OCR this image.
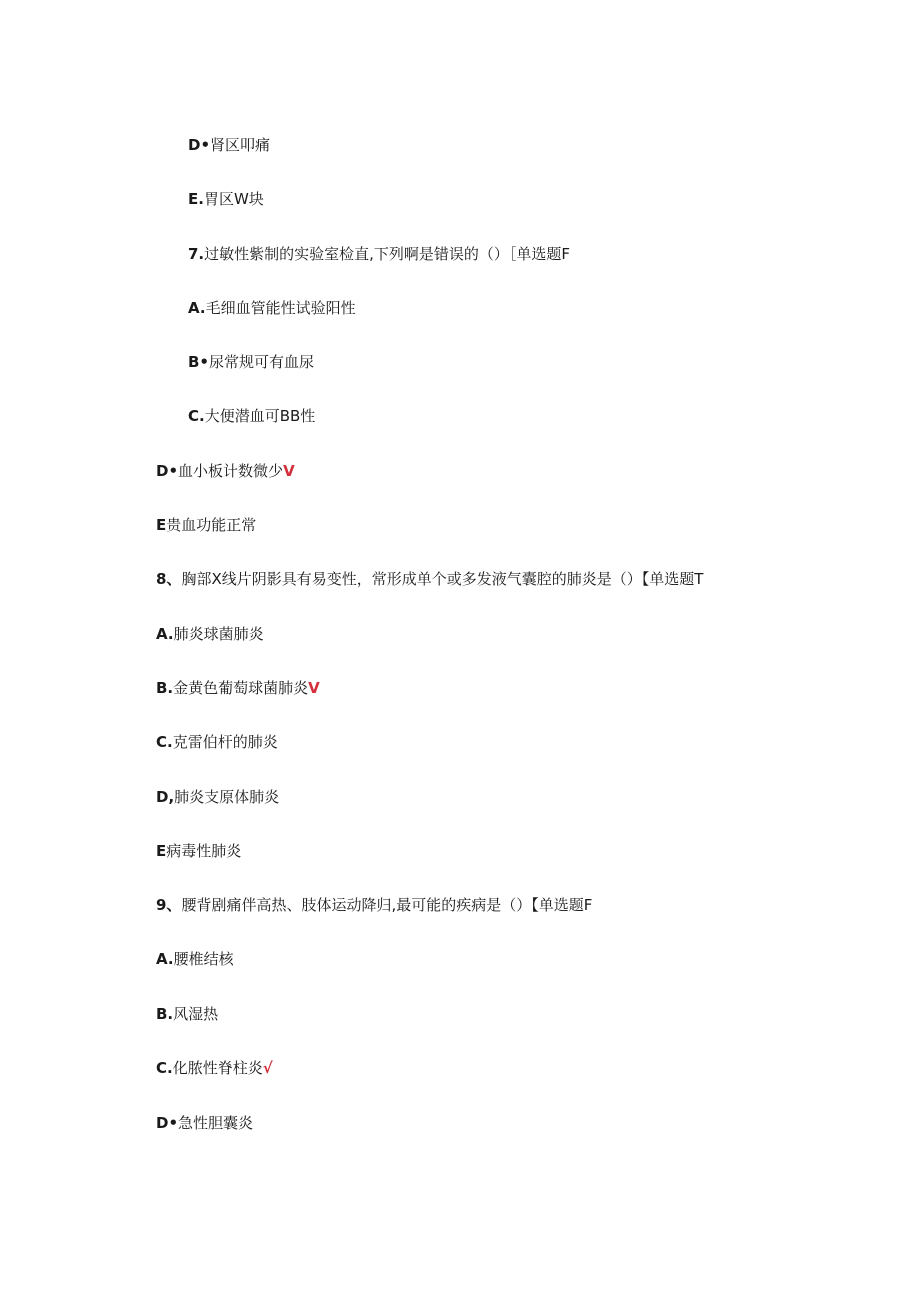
D•肾区叩痛
E.胃区W块
7.过敏性紫制的实验室检直,下列啊是错误的（）［单选题F
A.毛细血管能性试验阳性
B•尿常规可有血尿
C.大便潜血可BB性
D•血小板计数微少V
E贵血功能正常
8、胸部X线片阴影具有易变性，常形成单个或多发液气囊腔的肺炎是（）【单选题T
A.肺炎球菌肺炎
B.金黄色葡萄球菌肺炎V
C.克雷伯杆的肺炎
D,肺炎支原体肺炎
E病毒性肺炎
9、腰背剧痛伴高热、肢体运动降归,最可能的疾病是（）【单选题F
A.腰椎结核
B.风湿热
C.化脓性脊柱炎√
D•急性胆囊炎
